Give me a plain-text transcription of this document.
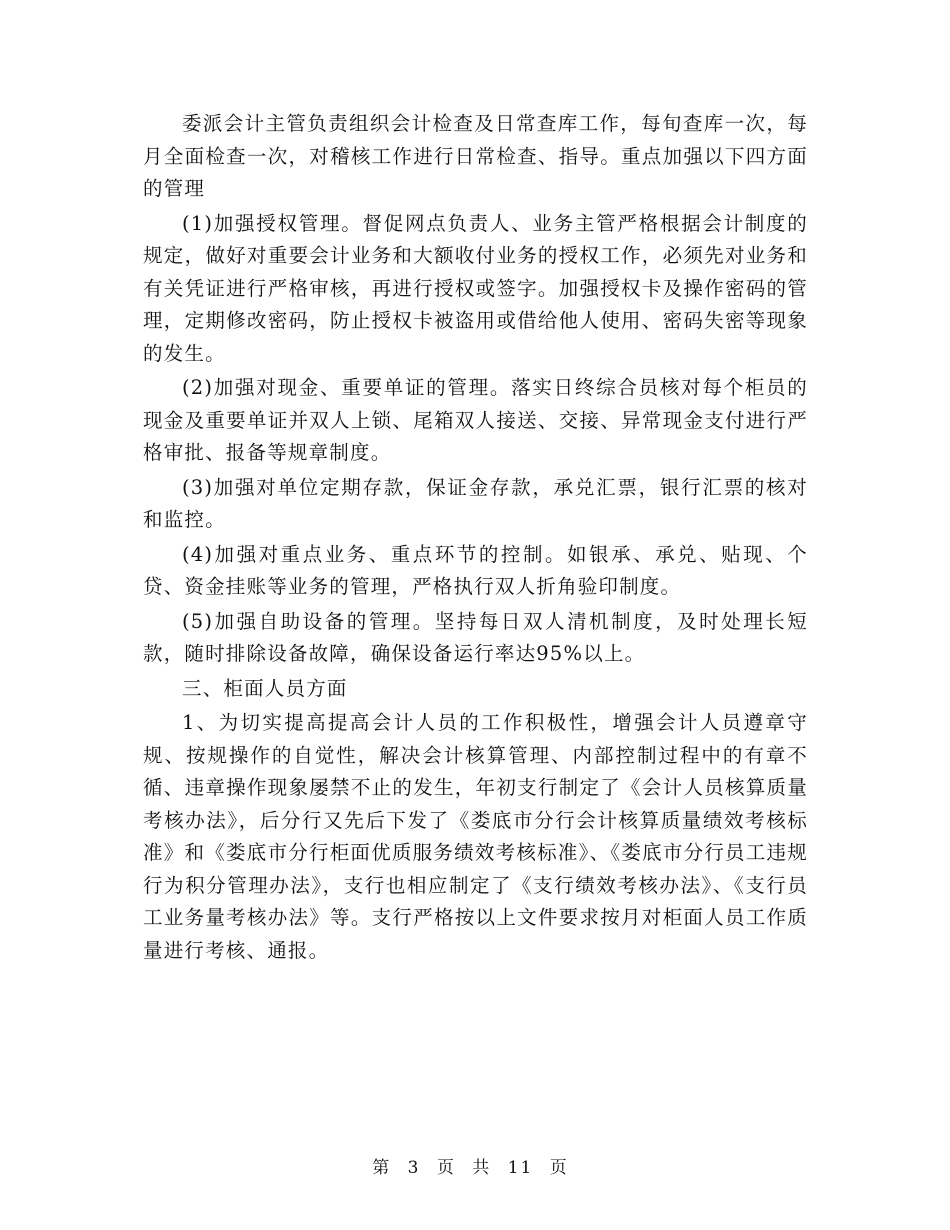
委派会计主管负责组织会计检查及日常查库工作，每旬查库一次，每月全面检查一次，对稽核工作进行日常检查、指导。重点加强以下四方面的管理

(1)加强授权管理。督促网点负责人、业务主管严格根据会计制度的规定，做好对重要会计业务和大额收付业务的授权工作，必须先对业务和有关凭证进行严格审核，再进行授权或签字。加强授权卡及操作密码的管理，定期修改密码，防止授权卡被盗用或借给他人使用、密码失密等现象的发生。

(2)加强对现金、重要单证的管理。落实日终综合员核对每个柜员的现金及重要单证并双人上锁、尾箱双人接送、交接、异常现金支付进行严格审批、报备等规章制度。

(3)加强对单位定期存款，保证金存款，承兑汇票，银行汇票的核对和监控。

(4)加强对重点业务、重点环节的控制。如银承、承兑、贴现、个贷、资金挂账等业务的管理，严格执行双人折角验印制度。

(5)加强自助设备的管理。坚持每日双人清机制度，及时处理长短款，随时排除设备故障，确保设备运行率达95%以上。

三、柜面人员方面

1、为切实提高提高会计人员的工作积极性，增强会计人员遵章守规、按规操作的自觉性，解决会计核算管理、内部控制过程中的有章不循、违章操作现象屡禁不止的发生，年初支行制定了《会计人员核算质量考核办法》，后分行又先后下发了《娄底市分行会计核算质量绩效考核标准》和《娄底市分行柜面优质服务绩效考核标准》、《娄底市分行员工违规行为积分管理办法》，支行也相应制定了《支行绩效考核办法》、《支行员工业务量考核办法》等。支行严格按以上文件要求按月对柜面人员工作质量进行考核、通报。

第 3 页 共 11 页
